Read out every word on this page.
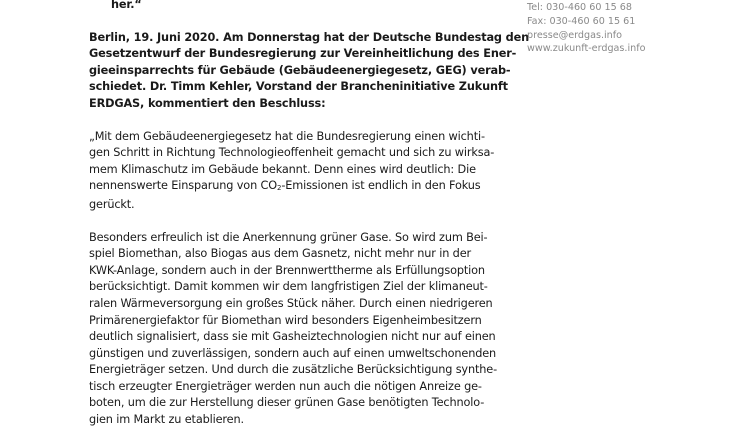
her.“

Berlin, 19. Juni 2020. Am Donnerstag hat der Deutsche Bundestag den
Gesetzentwurf der Bundesregierung zur Vereinheitlichung des Ener-
gieeinsparrechts für Gebäude (Gebäudeenergiegesetz, GEG) verab-
schiedet. Dr. Timm Kehler, Vorstand der Brancheninitiative Zukunft
ERDGAS, kommentiert den Beschluss:

„Mit dem Gebäudeenergiegesetz hat die Bundesregierung einen wichti-
gen Schritt in Richtung Technologieoffenheit gemacht und sich zu wirksa-
mem Klimaschutz im Gebäude bekannt. Denn eines wird deutlich: Die
nennenswerte Einsparung von CO2-Emissionen ist endlich in den Fokus
gerückt.

Besonders erfreulich ist die Anerkennung grüner Gase. So wird zum Bei-
spiel Biomethan, also Biogas aus dem Gasnetz, nicht mehr nur in der
KWK-Anlage, sondern auch in der Brennwerttherme als Erfüllungsoption
berücksichtigt. Damit kommen wir dem langfristigen Ziel der klimaneut-
ralen Wärmeversorgung ein großes Stück näher. Durch einen niedrigeren
Primärenergiefaktor für Biomethan wird besonders Eigenheimbesitzern
deutlich signalisiert, dass sie mit Gasheiztechnologien nicht nur auf einen
günstigen und zuverlässigen, sondern auch auf einen umweltschonenden
Energieträger setzen. Und durch die zusätzliche Berücksichtigung synthe-
tisch erzeugter Energieträger werden nun auch die nötigen Anreize ge-
boten, um die zur Herstellung dieser grünen Gase benötigten Technolo-
gien im Markt zu etablieren.

Tel: 030-460 60 15 68
Fax: 030-460 60 15 61
presse@erdgas.info
www.zukunft-erdgas.info
